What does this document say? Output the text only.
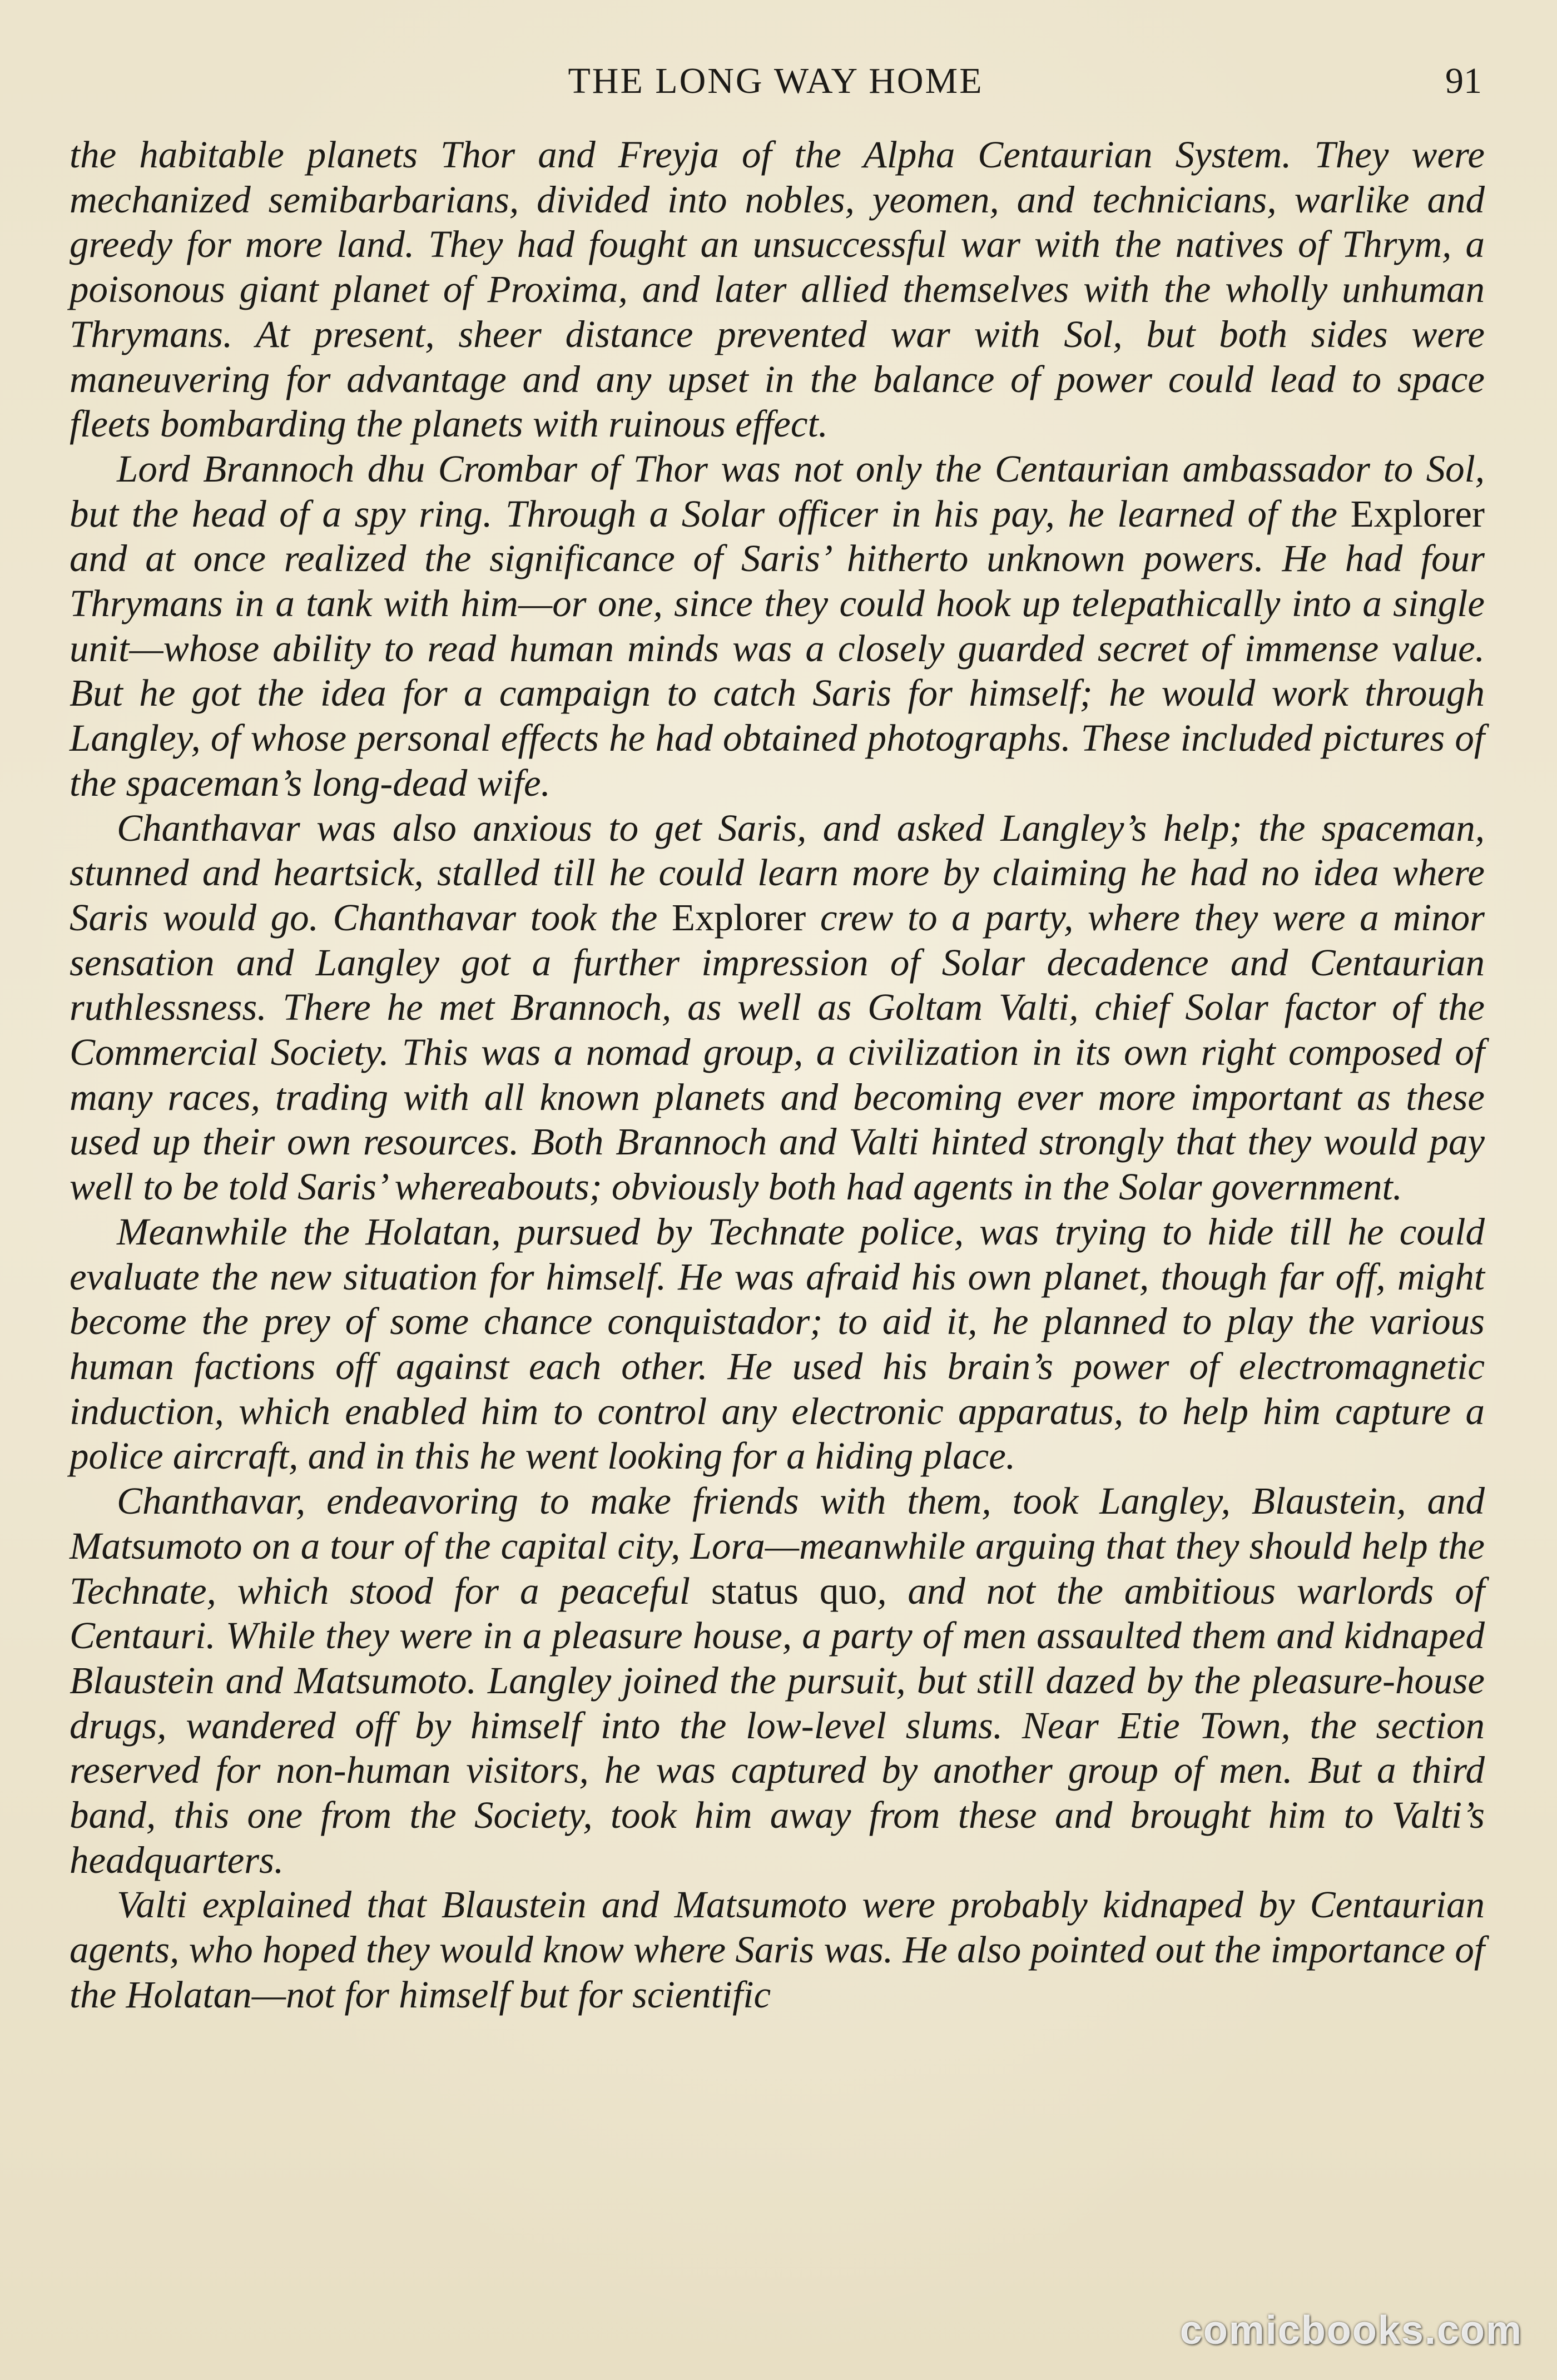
THE LONG WAY HOME	91

the habitable planets Thor and Freyja of the Alpha Centaurian System. They were mechanized semibarbarians, divided into nobles, yeomen, and technicians, warlike and greedy for more land. They had fought an unsuccessful war with the natives of Thrym, a poisonous giant planet of Proxima, and later allied themselves with the wholly unhuman Thrymans. At present, sheer distance prevented war with Sol, but both sides were maneuvering for advantage and any upset in the balance of power could lead to space fleets bombarding the planets with ruinous effect.

Lord Brannoch dhu Crombar of Thor was not only the Centaurian ambassador to Sol, but the head of a spy ring. Through a Solar officer in his pay, he learned of the Explorer and at once realized the significance of Saris’ hitherto unknown powers. He had four Thrymans in a tank with him—or one, since they could hook up telepathically into a single unit—whose ability to read human minds was a closely guarded secret of immense value. But he got the idea for a campaign to catch Saris for himself; he would work through Langley, of whose personal effects he had obtained photographs. These included pictures of the spaceman’s long-dead wife.

Chanthavar was also anxious to get Saris, and asked Langley’s help; the spaceman, stunned and heartsick, stalled till he could learn more by claiming he had no idea where Saris would go. Chanthavar took the Explorer crew to a party, where they were a minor sensation and Langley got a further impression of Solar decadence and Centaurian ruthlessness. There he met Brannoch, as well as Goltam Valti, chief Solar factor of the Commercial Society. This was a nomad group, a civilization in its own right composed of many races, trading with all known planets and becoming ever more important as these used up their own resources. Both Brannoch and Valti hinted strongly that they would pay well to be told Saris’ whereabouts; obviously both had agents in the Solar government.

Meanwhile the Holatan, pursued by Technate police, was trying to hide till he could evaluate the new situation for himself. He was afraid his own planet, though far off, might become the prey of some chance conquistador; to aid it, he planned to play the various human factions off against each other. He used his brain’s power of electromagnetic induction, which enabled him to control any electronic apparatus, to help him capture a police aircraft, and in this he went looking for a hiding place.

Chanthavar, endeavoring to make friends with them, took Langley, Blaustein, and Matsumoto on a tour of the capital city, Lora—meanwhile arguing that they should help the Technate, which stood for a peaceful status quo, and not the ambitious warlords of Centauri. While they were in a pleasure house, a party of men assaulted them and kidnaped Blaustein and Matsumoto. Langley joined the pursuit, but still dazed by the pleasure-house drugs, wandered off by himself into the low-level slums. Near Etie Town, the section reserved for non-human visitors, he was captured by another group of men. But a third band, this one from the Society, took him away from these and brought him to Valti’s headquarters.

Valti explained that Blaustein and Matsumoto were probably kidnaped by Centaurian agents, who hoped they would know where Saris was. He also pointed out the importance of the Holatan—not for himself but for scientific

comicbooks.com
